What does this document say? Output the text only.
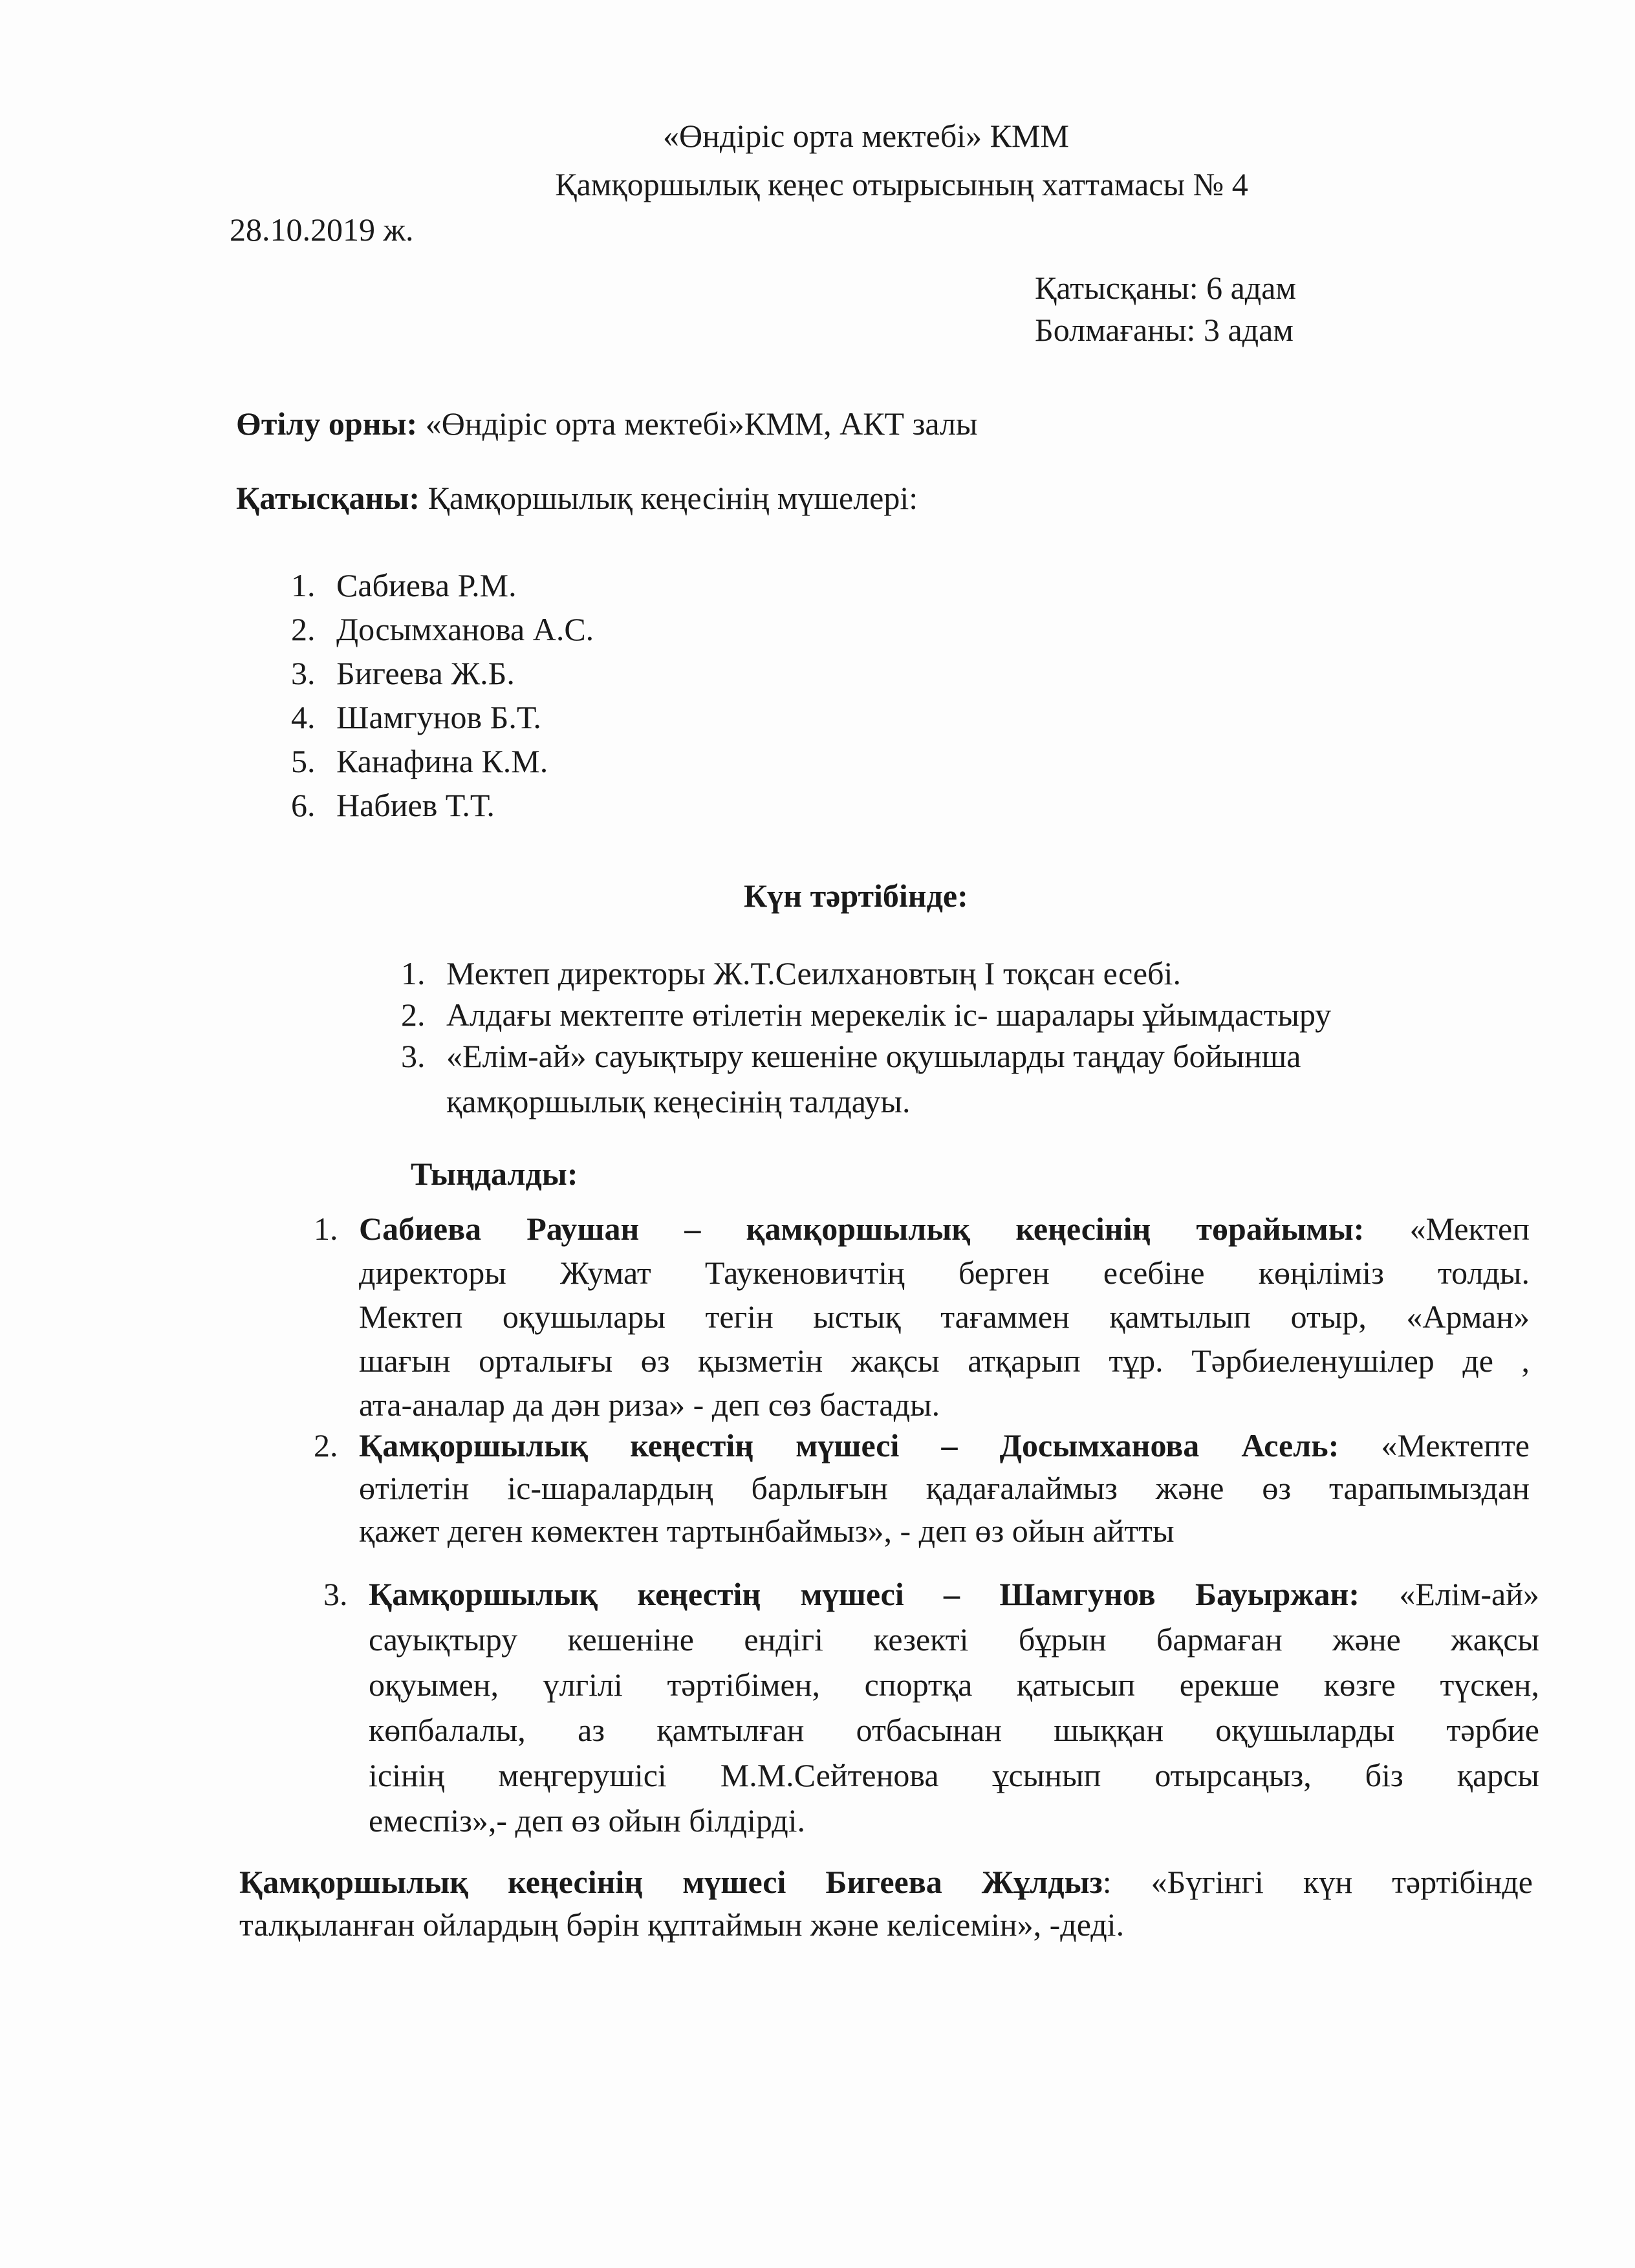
«Өндіріс орта мектебі» КММ
Қамқоршылық кеңес отырысының хаттамасы № 4
28.10.2019 ж.
Қатысқаны: 6 адам
Болмағаны: 3 адам
Өтілу орны: «Өндіріс орта мектебі»КММ, АКТ залы
Қатысқаны: Қамқоршылық кеңесінің мүшелері:
1. Сабиева Р.М.
2. Досымханова А.С.
3. Бигеева Ж.Б.
4. Шамгунов Б.Т.
5. Канафина К.М.
6. Набиев Т.Т.
Күн тәртібінде:
1. Мектеп директоры Ж.Т.Сеилхановтың І тоқсан есебі.
2. Алдағы мектепте өтілетін мерекелік іс- шаралары ұйымдастыру
3. «Елім-ай» сауықтыру кешеніне оқушыларды таңдау бойынша
қамқоршылық кеңесінің талдауы.
Тыңдалды:
1. Сабиева Раушан – қамқоршылық кеңесінің төрайымы: «Мектеп
директоры Жумат Таукеновичтің берген есебіне көңіліміз толды.
Мектеп оқушылары тегін ыстық тағаммен қамтылып отыр, «Арман»
шағын орталығы өз қызметін жақсы атқарып тұр. Тәрбиеленушілер де ,
ата-аналар да дән риза» - деп сөз бастады.
2. Қамқоршылық кеңестің мүшесі – Досымханова Асель: «Мектепте
өтілетін іс-шаралардың барлығын қадағалаймыз және өз тарапымыздан
қажет деген көмектен тартынбаймыз», - деп өз ойын айтты
3. Қамқоршылық кеңестің мүшесі – Шамгунов Бауыржан: «Елім-ай»
сауықтыру кешеніне ендігі кезекті бұрын бармаған және жақсы
оқуымен, үлгілі тәртібімен, спортқа қатысып ерекше көзге түскен,
көпбалалы, аз қамтылған отбасынан шыққан оқушыларды тәрбие
ісінің меңгерушісі М.М.Сейтенова ұсынып отырсаңыз, біз қарсы
емеспіз»,- деп өз ойын білдірді.
Қамқоршылық кеңесінің мүшесі Бигеева Жұлдыз: «Бүгінгі күн тәртібінде
талқыланған ойлардың бәрін құптаймын және келісемін», -деді.
